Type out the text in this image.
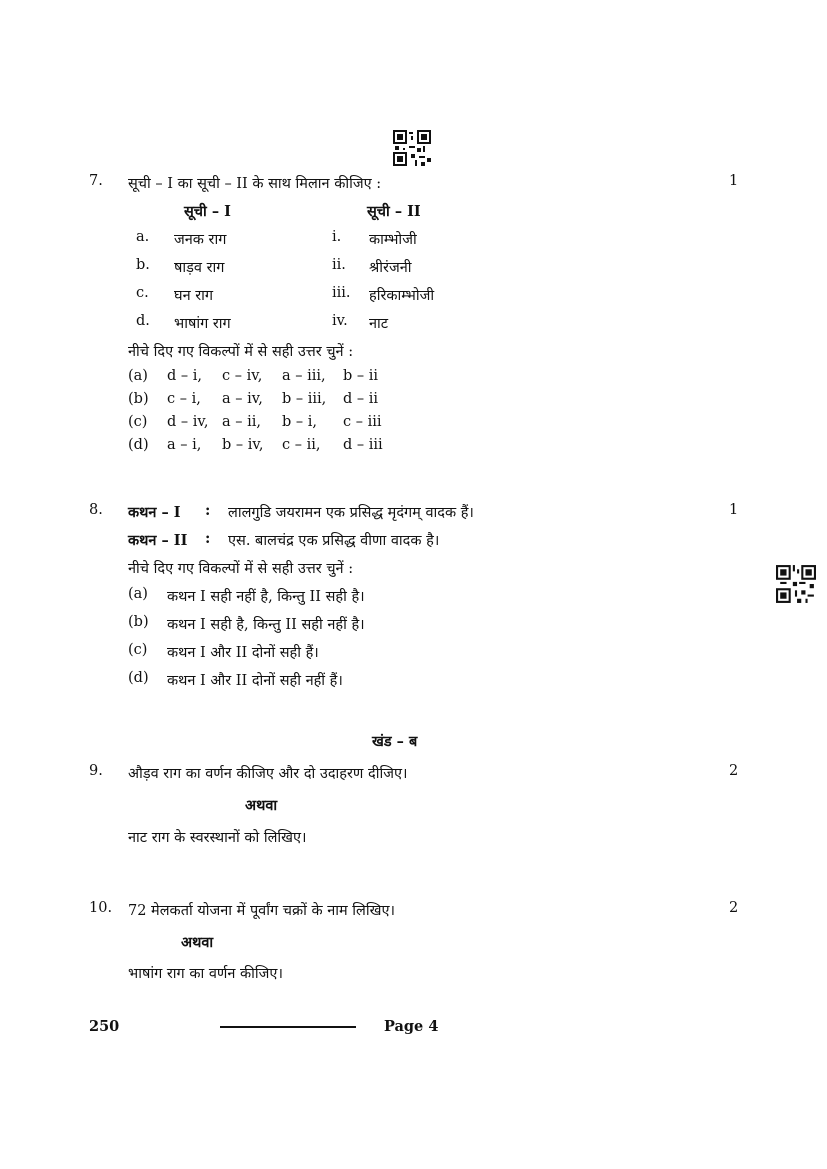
7. सूची – I का सूची – II के साथ मिलान कीजिए :	1
सूची – I	सूची – II
a. जनक राग	i. काम्भोजी
b. षाड़व राग	ii. श्रीरंजनी
c. घन राग	iii. हरिकाम्भोजी
d. भाषांग राग	iv. नाट
नीचे दिए गए विकल्पों में से सही उत्तर चुनें :
(a) d – i, c – iv, a – iii, b – ii
(b) c – i, a – iv, b – iii, d – ii
(c) d – iv, a – ii, b – i, c – iii
(d) a – i, b – iv, c – ii, d – iii
8. कथन – I : लालगुडि जयरामन एक प्रसिद्ध मृदंगम् वादक हैं।	1
कथन – II : एस. बालचंद्र एक प्रसिद्ध वीणा वादक है।
नीचे दिए गए विकल्पों में से सही उत्तर चुनें :
(a) कथन I सही नहीं है, किन्तु II सही है।
(b) कथन I सही है, किन्तु II सही नहीं है।
(c) कथन I और II दोनों सही हैं।
(d) कथन I और II दोनों सही नहीं हैं।
खंड – ब
9. औड़व राग का वर्णन कीजिए और दो उदाहरण दीजिए।	2
अथवा
नाट राग के स्वरस्थानों को लिखिए।
10. 72 मेलकर्ता योजना में पूर्वांग चक्रों के नाम लिखिए।	2
अथवा
भाषांग राग का वर्णन कीजिए।
250	Page 4
